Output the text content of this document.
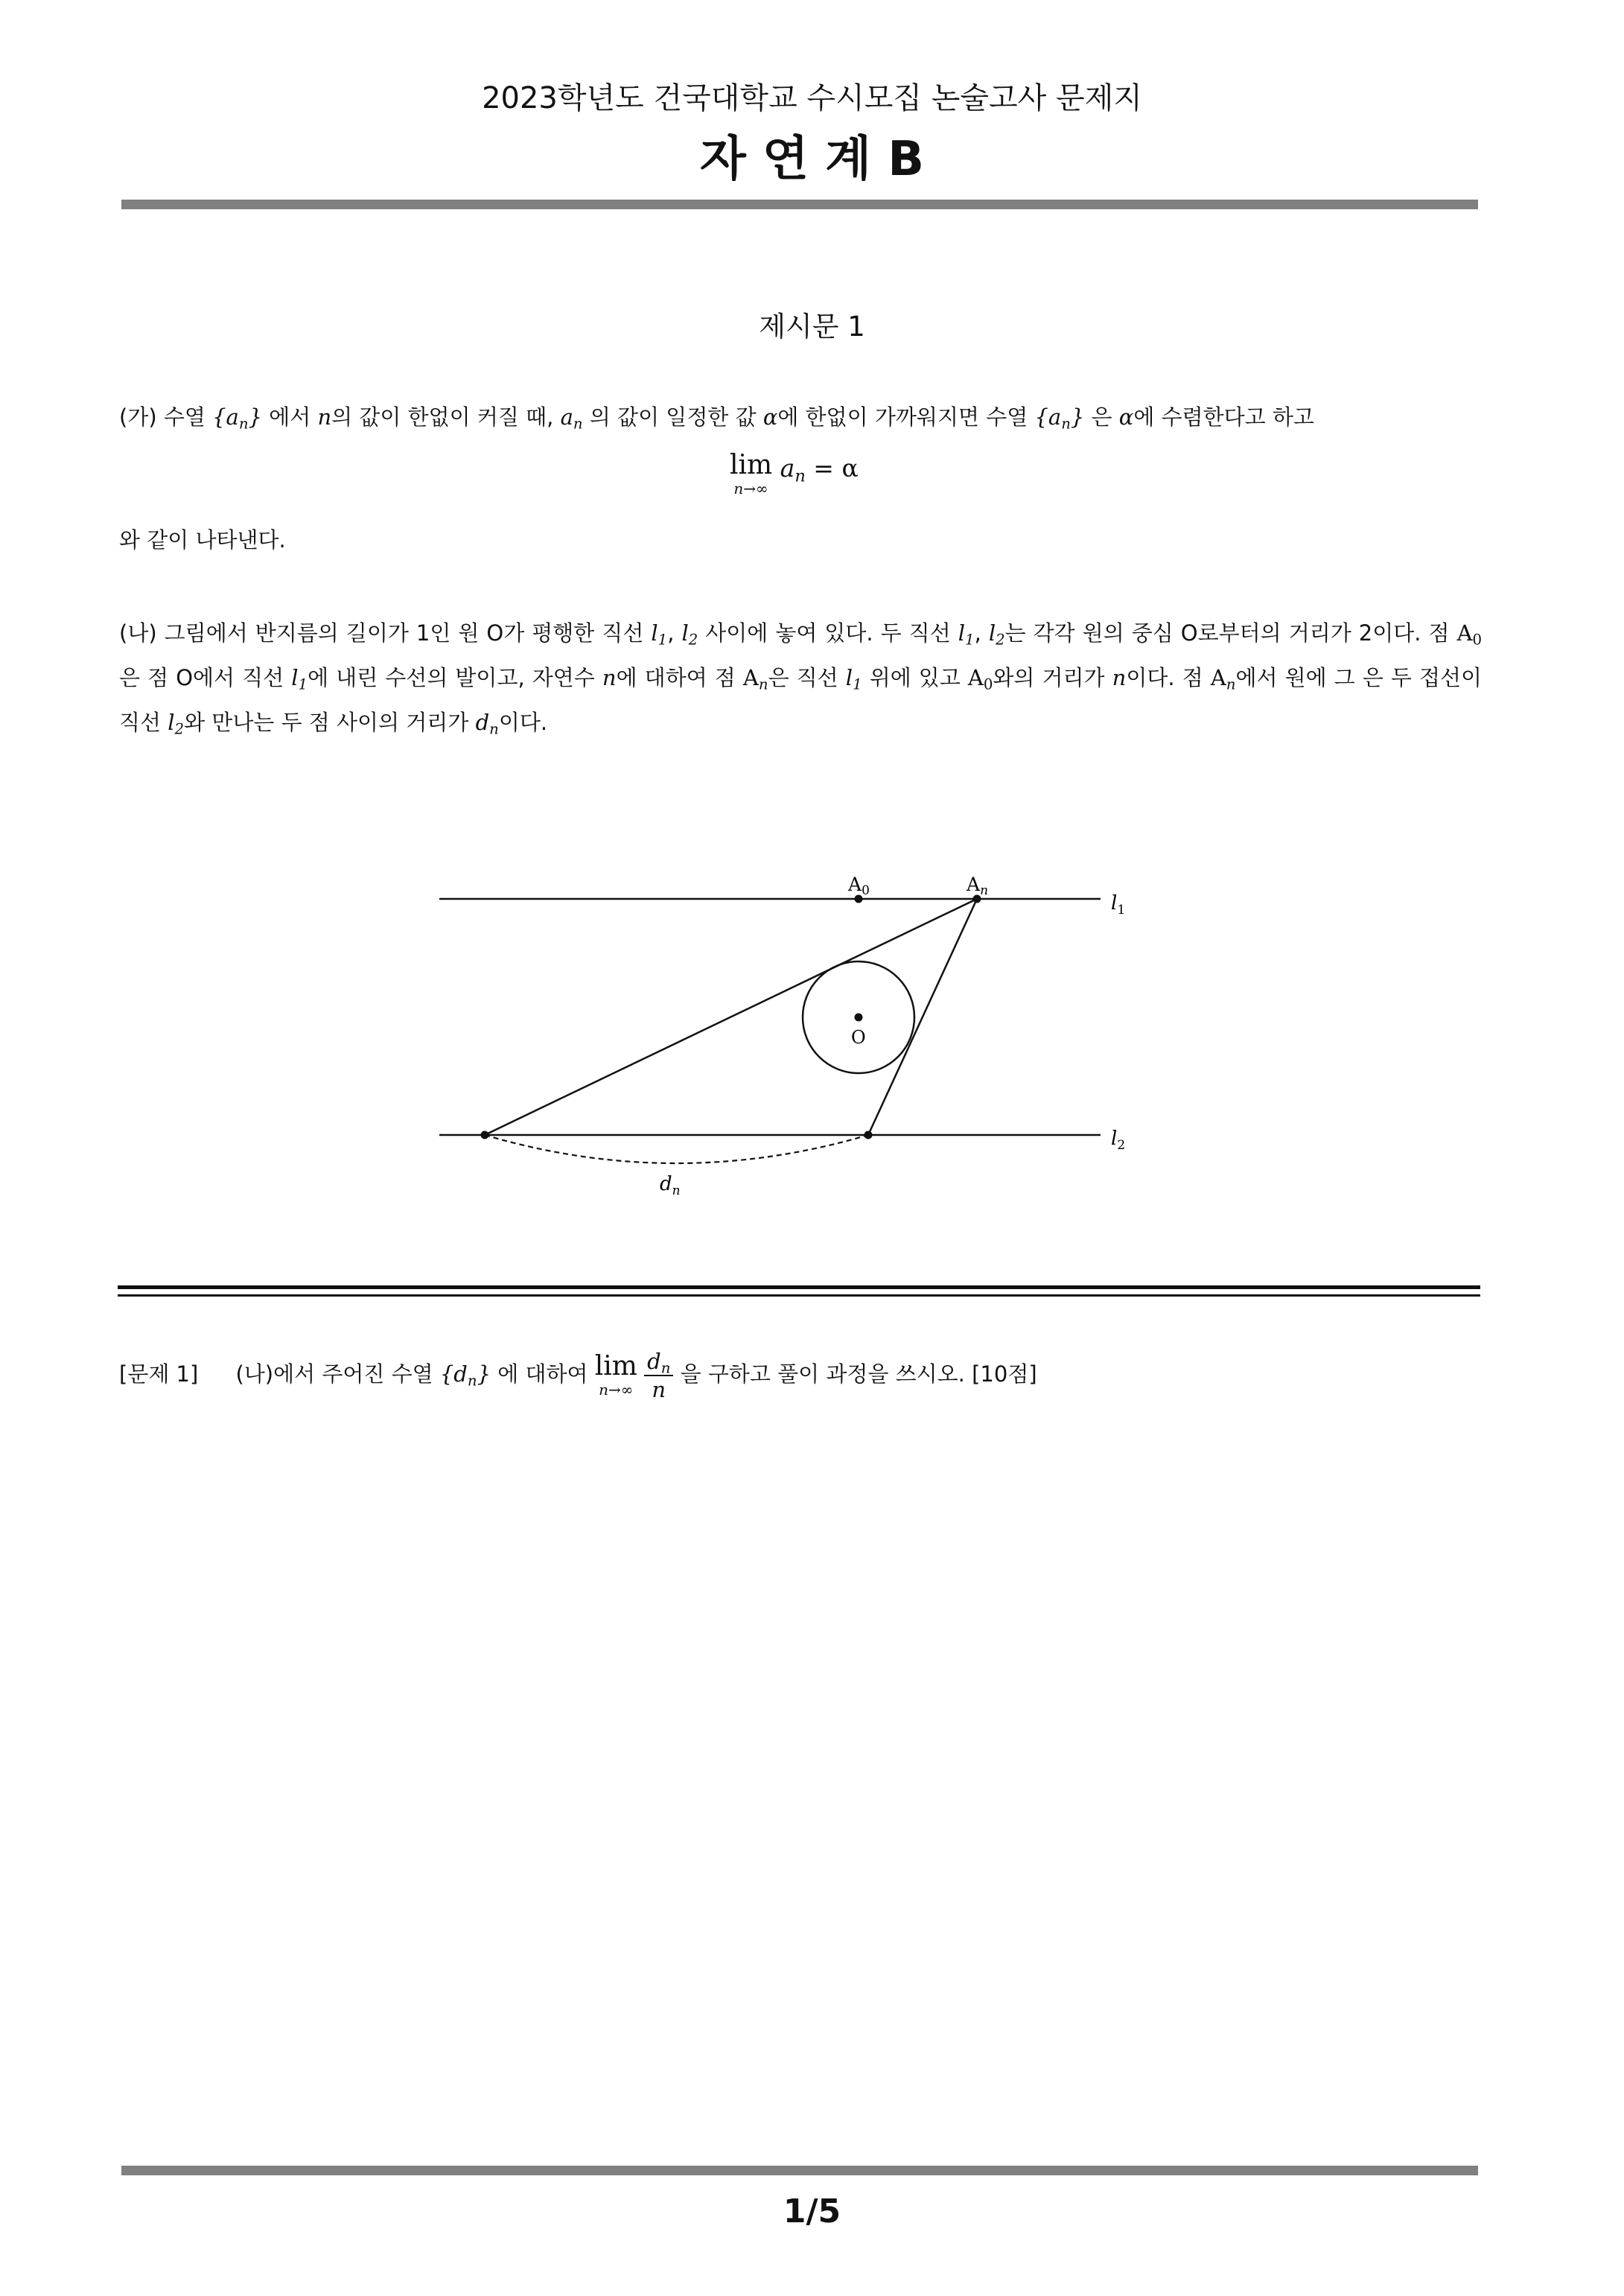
2023학년도 건국대학교 수시모집 논술고사 문제지
자 연 계 B
제시문 1
(가) 수열 $\{a_n\}$ 에서 n의 값이 한없이 커질 때, $a_n$ 의 값이 일정한 값 α에 한없이 가까워지면 수열 $\{a_n\}$ 은 α에 수렴한다고 하고
lim
n→∞
$a_n = \alpha$
와 같이 나타낸다.
(나) 그림에서 반지름의 길이가 1인 원 O가 평행한 직선 $l_1$, $l_2$ 사이에 놓여 있다. 두 직선 $l_1$, $l_2$는 각각 원의 중심 O로부터의 거리가 2이다. 점 $A_0$은 점 O에서 직선 $l_1$에 내린 수선의 발이고, 자연수 n에 대하여 점 $A_n$은 직선 $l_1$ 위에 있고 $A_0$와의 거리가 n이다. 점 $A_n$에서 원에 그 은 두 접선이 직선 $l_2$와 만나는 두 점 사이의 거리가 $d_n$이다.
$A_0$	$A_n$
O
$l_1$
$l_2$
$d_n$
[문제 1] (나)에서 주어진 수열 $\{d_n\}$ 에 대하여 lim
n→∞
$\frac{d_n}{n}$ 을 구하고 풀이 과정을 쓰시오. [10점]
1/5
